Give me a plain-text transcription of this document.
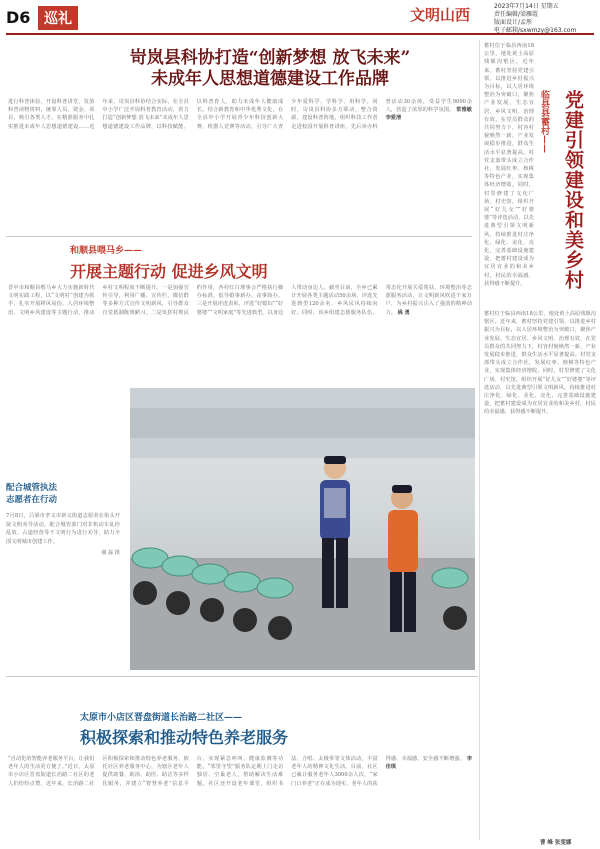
D6 巡礼	文明山西	2023年7月14日 星期五
责任编辑/梁雁霞
版面设计/孟彤
电子邮箱/sxwmzy@163.com
岢岚县科协打造“创新梦想 放飞未来”
未成年人思想道德建设工作品牌
进行科普体验，开设科普讲堂，发放科普读物资料，统筹人员、资金、项目，吸引各类人才，在精准服务中扎实推进未成年人思想道德建设……近年来，岢岚县科协结合实际，在全县中小学广泛开展科普教育活动，着力打造“创新梦想 放飞未来”未成年人思想道德建设工作品牌，以科技赋能、以科普育人，助力未成年人健康成长。结合新教育和中华优秀文化，在全县中小学开展青少年科技创新大赛、机器人竞赛等活动，引导广大青少年爱科学、学科学、用科学。同时，岢岚县科协多方联动，整合资源，建设科普阵地，组织科技工作者走进校园开展科普讲座，先后举办科普活动30余场，受益学生9000余人，营造了浓厚的科学氛围。 常雅敏 李爱清
和顺县喂马乡——
开展主题行动 促进乡风文明
晋中市和顺县喂马乡大力实施新时代文明实践工程，以“文明村”创建为抓手，扎实开展移风易俗、人居环境整治、文明乡风建设等主题行动，推动乡村文明程度不断提升。一是加强宣传引导，利用广播、宣传栏、微信群等多种方式宣传文明新风，引导群众自觉抵制陈规陋习。二是发挥村规民约作用，各村红白理事会严格执行操办标准，倡导婚事新办、丧事简办。三是开展评选表彰，评选“好媳妇”“好婆婆”“文明家庭”等先进典型，以身边人带动身边人。截至目前，全乡已累计开展各类主题活动50余场，评选先进典型120余名，乡风民风持续向好。同时，该乡组建志愿服务队伍，常态化开展关爱帮扶、环境整治等志愿服务活动，让文明新风吹进千家万户，为乡村振兴注入了强劲的精神动力。 姚 勇
配合城管执法
志愿者在行动
7月8日，吕梁市孝义市新义街道志愿者在街头开展文明劝导活动，配合城管部门对非机动车乱停乱放、占道经营等不文明行为进行劝导，助力全国文明城市创建工作。
谢 磊 摄
太原市小店区晋盘街道长治路二社区——
积极探索和推动特色养老服务
“自动化的智能养老服务平台，让我们老年人的生活更方便了。”近日，太原市小店区晋盘街道长治路二社区的老人们纷纷点赞。近年来，长治路二社区积极探索和推动特色养老服务，依托社区养老服务中心，为辖区老年人提供助餐、助浴、助医、助洁等多样化服务，并建立“智慧养老”信息平台，实现紧急呼叫、健康监测等功能。“邻里守望”服务队定期上门走访独居、空巢老人，帮助解决生活难题。社区还开设老年课堂，组织书法、合唱、太极拳等文体活动，丰富老年人的精神文化生活。目前，社区已累计服务老年人3000余人次，“家门口养老”正在成为现实，老年人的获得感、幸福感、安全感不断增强。 李佳琪
临县县蓄村—— 党建引领建设和美乡村
蓄村位于临县西南18公里，地处黄土高原残塬沟壑区。近年来，蓄村坚持党建引领，以推进乡村振兴为目标，以人居环境整治为突破口，聚焦产业发展、生态宜居、乡风文明、治理有效，在党员群众的共同努力下，村容村貌焕然一新，产业发展稳步推进，群众生活水平显著提高。村党支部带头成立合作社，发展红枣、核桃等特色产业，实现集体经济增收。同时，村里修建了文化广场、村史馆，组织开展“好儿女”“好婆婆”等评选活动，以先进典型引领文明新风，持续推进村庄净化、绿化、美化、亮化，完善基础设施建设，把蓄村建设成为宜居宜业的和美乡村，村民的幸福感、获得感不断提升。
蓄村位于临县西南18公里，地处黄土高原残塬沟壑区。近年来，蓄村坚持党建引领，以推进乡村振兴为目标，以人居环境整治为突破口，聚焦产业发展、生态宜居、乡风文明、治理有效，在党员群众的共同努力下，村容村貌焕然一新，产业发展稳步推进，群众生活水平显著提高。村党支部带头成立合作社，发展红枣、核桃等特色产业，实现集体经济增收。同时，村里修建了文化广场、村史馆，组织开展“好儿女”“好婆婆”等评选活动，以先进典型引领文明新风，持续推进村庄净化、绿化、美化、亮化，完善基础设施建设，把蓄村建设成为宜居宜业的和美乡村，村民的幸福感、获得感不断提升。
曹 峰 张雯娜
